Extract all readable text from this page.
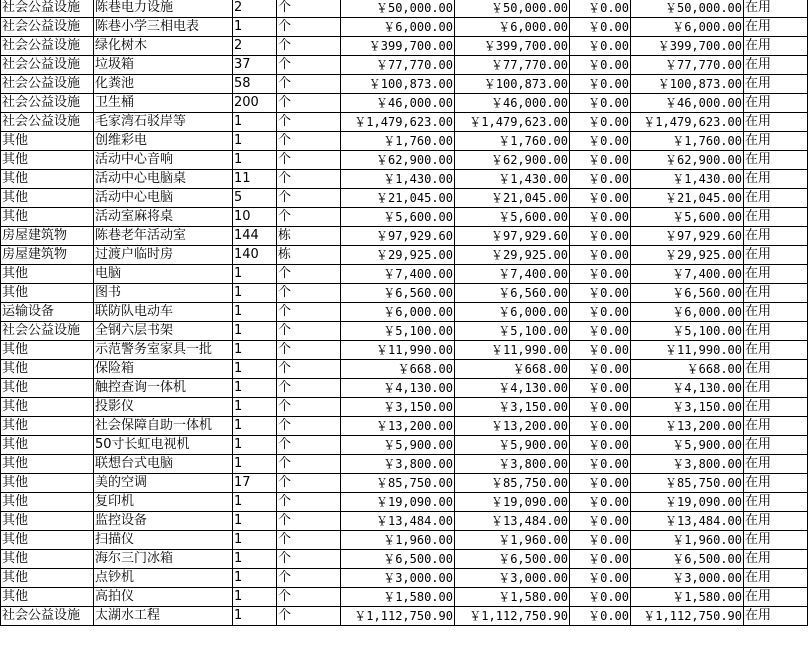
社会公益设施	陈巷电力设施	2	个	￥50,000.00	￥50,000.00	￥0.00	￥50,000.00	在用
社会公益设施	陈巷小学三相电表	1	个	￥6,000.00	￥6,000.00	￥0.00	￥6,000.00	在用
社会公益设施	绿化树木	2	个	￥399,700.00	￥399,700.00	￥0.00	￥399,700.00	在用
社会公益设施	垃圾箱	37	个	￥77,770.00	￥77,770.00	￥0.00	￥77,770.00	在用
社会公益设施	化粪池	58	个	￥100,873.00	￥100,873.00	￥0.00	￥100,873.00	在用
社会公益设施	卫生桶	200	个	￥46,000.00	￥46,000.00	￥0.00	￥46,000.00	在用
社会公益设施	毛家湾石驳岸等	1	个	￥1,479,623.00	￥1,479,623.00	￥0.00	￥1,479,623.00	在用
其他	创维彩电	1	个	￥1,760.00	￥1,760.00	￥0.00	￥1,760.00	在用
其他	活动中心音响	1	个	￥62,900.00	￥62,900.00	￥0.00	￥62,900.00	在用
其他	活动中心电脑桌	11	个	￥1,430.00	￥1,430.00	￥0.00	￥1,430.00	在用
其他	活动中心电脑	5	个	￥21,045.00	￥21,045.00	￥0.00	￥21,045.00	在用
其他	活动室麻将桌	10	个	￥5,600.00	￥5,600.00	￥0.00	￥5,600.00	在用
房屋建筑物	陈巷老年活动室	144	栋	￥97,929.60	￥97,929.60	￥0.00	￥97,929.60	在用
房屋建筑物	过渡户临时房	140	栋	￥29,925.00	￥29,925.00	￥0.00	￥29,925.00	在用
其他	电脑	1	个	￥7,400.00	￥7,400.00	￥0.00	￥7,400.00	在用
其他	图书	1	个	￥6,560.00	￥6,560.00	￥0.00	￥6,560.00	在用
运输设备	联防队电动车	1	个	￥6,000.00	￥6,000.00	￥0.00	￥6,000.00	在用
社会公益设施	全钢六层书架	1	个	￥5,100.00	￥5,100.00	￥0.00	￥5,100.00	在用
其他	示范警务室家具一批	1	个	￥11,990.00	￥11,990.00	￥0.00	￥11,990.00	在用
其他	保险箱	1	个	￥668.00	￥668.00	￥0.00	￥668.00	在用
其他	触控查询一体机	1	个	￥4,130.00	￥4,130.00	￥0.00	￥4,130.00	在用
其他	投影仪	1	个	￥3,150.00	￥3,150.00	￥0.00	￥3,150.00	在用
其他	社会保障自助一体机	1	个	￥13,200.00	￥13,200.00	￥0.00	￥13,200.00	在用
其他	50寸长虹电视机	1	个	￥5,900.00	￥5,900.00	￥0.00	￥5,900.00	在用
其他	联想台式电脑	1	个	￥3,800.00	￥3,800.00	￥0.00	￥3,800.00	在用
其他	美的空调	17	个	￥85,750.00	￥85,750.00	￥0.00	￥85,750.00	在用
其他	复印机	1	个	￥19,090.00	￥19,090.00	￥0.00	￥19,090.00	在用
其他	监控设备	1	个	￥13,484.00	￥13,484.00	￥0.00	￥13,484.00	在用
其他	扫描仪	1	个	￥1,960.00	￥1,960.00	￥0.00	￥1,960.00	在用
其他	海尔三门冰箱	1	个	￥6,500.00	￥6,500.00	￥0.00	￥6,500.00	在用
其他	点钞机	1	个	￥3,000.00	￥3,000.00	￥0.00	￥3,000.00	在用
其他	高拍仪	1	个	￥1,580.00	￥1,580.00	￥0.00	￥1,580.00	在用
社会公益设施	太湖水工程	1	个	￥1,112,750.90	￥1,112,750.90	￥0.00	￥1,112,750.90	在用
